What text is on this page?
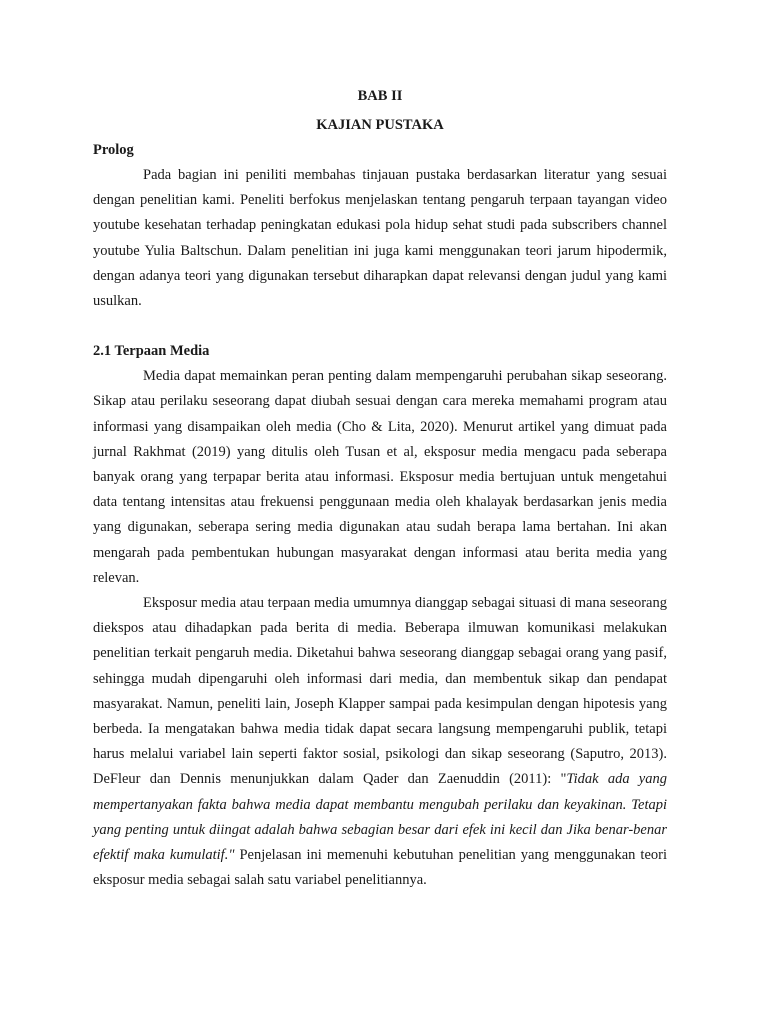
BAB II

KAJIAN PUSTAKA

Prolog

Pada bagian ini peniliti membahas tinjauan pustaka berdasarkan literatur yang sesuai dengan penelitian kami. Peneliti berfokus menjelaskan tentang pengaruh terpaan tayangan video youtube kesehatan terhadap peningkatan edukasi pola hidup sehat studi pada subscribers channel youtube Yulia Baltschun. Dalam penelitian ini juga kami menggunakan teori jarum hipodermik, dengan adanya teori yang digunakan tersebut diharapkan dapat relevansi dengan judul yang kami usulkan.

2.1 Terpaan Media

Media dapat memainkan peran penting dalam mempengaruhi perubahan sikap seseorang. Sikap atau perilaku seseorang dapat diubah sesuai dengan cara mereka memahami program atau informasi yang disampaikan oleh media (Cho & Lita, 2020). Menurut artikel yang dimuat pada jurnal Rakhmat (2019) yang ditulis oleh Tusan et al, eksposur media mengacu pada seberapa banyak orang yang terpapar berita atau informasi. Eksposur media bertujuan untuk mengetahui data tentang intensitas atau frekuensi penggunaan media oleh khalayak berdasarkan jenis media yang digunakan, seberapa sering media digunakan atau sudah berapa lama bertahan. Ini akan mengarah pada pembentukan hubungan masyarakat dengan informasi atau berita media yang relevan.

Eksposur media atau terpaan media umumnya dianggap sebagai situasi di mana seseorang diekspos atau dihadapkan pada berita di media. Beberapa ilmuwan komunikasi melakukan penelitian terkait pengaruh media. Diketahui bahwa seseorang dianggap sebagai orang yang pasif, sehingga mudah dipengaruhi oleh informasi dari media, dan membentuk sikap dan pendapat masyarakat. Namun, peneliti lain, Joseph Klapper sampai pada kesimpulan dengan hipotesis yang berbeda. Ia mengatakan bahwa media tidak dapat secara langsung mempengaruhi publik, tetapi harus melalui variabel lain seperti faktor sosial, psikologi dan sikap seseorang (Saputro, 2013). DeFleur dan Dennis menunjukkan dalam Qader dan Zaenuddin (2011): "Tidak ada yang mempertanyakan fakta bahwa media dapat membantu mengubah perilaku dan keyakinan. Tetapi yang penting untuk diingat adalah bahwa sebagian besar dari efek ini kecil dan Jika benar-benar efektif maka kumulatif." Penjelasan ini memenuhi kebutuhan penelitian yang menggunakan teori eksposur media sebagai salah satu variabel penelitiannya.
